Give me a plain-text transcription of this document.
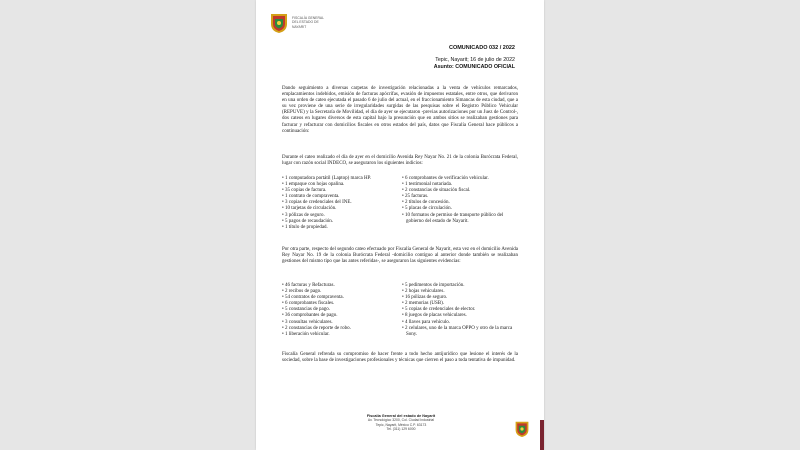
FISCALÍA GENERAL
DEL ESTADO DE
NAYARIT
COMUNICADO 032 / 2022
Tepic, Nayarit; 16 de julio de 2022
Asunto: COMUNICADO OFICIAL

Dando seguimiento a diversas carpetas de investigación relacionadas a la venta de vehículos remarcados, emplacamientos indebidos, emisión de facturas apócrifas, evasión de impuestos estatales, entre otros, que derivaron en una orden de cateo ejecutada el pasado 6 de julio del actual, en el fraccionamiento Simancas de esta ciudad, que a su vez proviene de una serie de irregularidades surgidas de las pesquisas sobre el Registro Público Vehicular (REPUVE) y la Secretaría de Movilidad, el día de ayer se ejecutaron -previas autorizaciones por un Juez de Control-, dos cateos en lugares diversos de esta capital bajo la presunción que en ambos sitios se realizaban gestiones para facturar y refacturar con domicilios fiscales en otros estados del país, datos que Fiscalía General hace públicos a continuación:

Durante el cateo realizado el día de ayer en el domicilio Avenida Rey Nayar No. 21 de la colonia Burócrata Federal, lugar con razón social INDECO, se aseguraron los siguientes indicios:

• 1 computadora portátil (Laptop) marca HP.
• 1 empaque con hojas opalina.
• 35 copias de factura.
• 1 contrato de compraventa.
• 3 copias de credenciales del INE.
• 10 tarjetas de circulación.
• 3 pólizas de seguro.
• 5 pagos de recaudación.
• 1 título de propiedad.
• 6 comprobantes de verificación vehicular.
• 1 testimonial notariada.
• 2 constancias de situación fiscal.
• 25 facturas.
• 2 títulos de concesión.
• 5 placas de circulación.
• 10 formatos de permiso de transporte público del gobierno del estado de Nayarit.

Por otra parte, respecto del segundo cateo efectuado por Fiscalía General de Nayarit, esta vez en el domicilio Avenida Rey Nayar No. 19 de la colonia Burócrata Federal -domicilio contiguo al anterior donde también se realizaban gestiones del mismo tipo que las antes referidas-, se aseguraron las siguientes evidencias:

• 46 facturas y Refacturas.
• 2 recibos de pago.
• 54 contratos de compraventa.
• 6 comprobantes fiscales.
• 5 constancias de pago.
• 36 comprobantes de pago.
• 3 consultas vehiculares.
• 2 constancias de reporte de robo.
• 1 liberación vehicular.
• 5 pedimentos de importación.
• 2 hojas vehiculares.
• 16 pólizas de seguro.
• 2 memorias (USB).
• 5 copias de credenciales de elector.
• 8 juegos de placas vehiculares.
• 4 llaves para vehículo.
• 2 celulares, uno de la marca OPPO y otro de la marca Sony.

Fiscalía General refrenda su compromiso de hacer frente a todo hecho antijurídico que lesione el interés de la sociedad, sobre la base de investigaciones profesionales y técnicas que cierren el paso a toda tentativa de impunidad.

Fiscalía General del estado de Nayarit
Av. Tecnológico 3200, Col. Ciudad Industrial
Tepic, Nayarit, México C.P. 63173
Tel. (311) 129 6000
